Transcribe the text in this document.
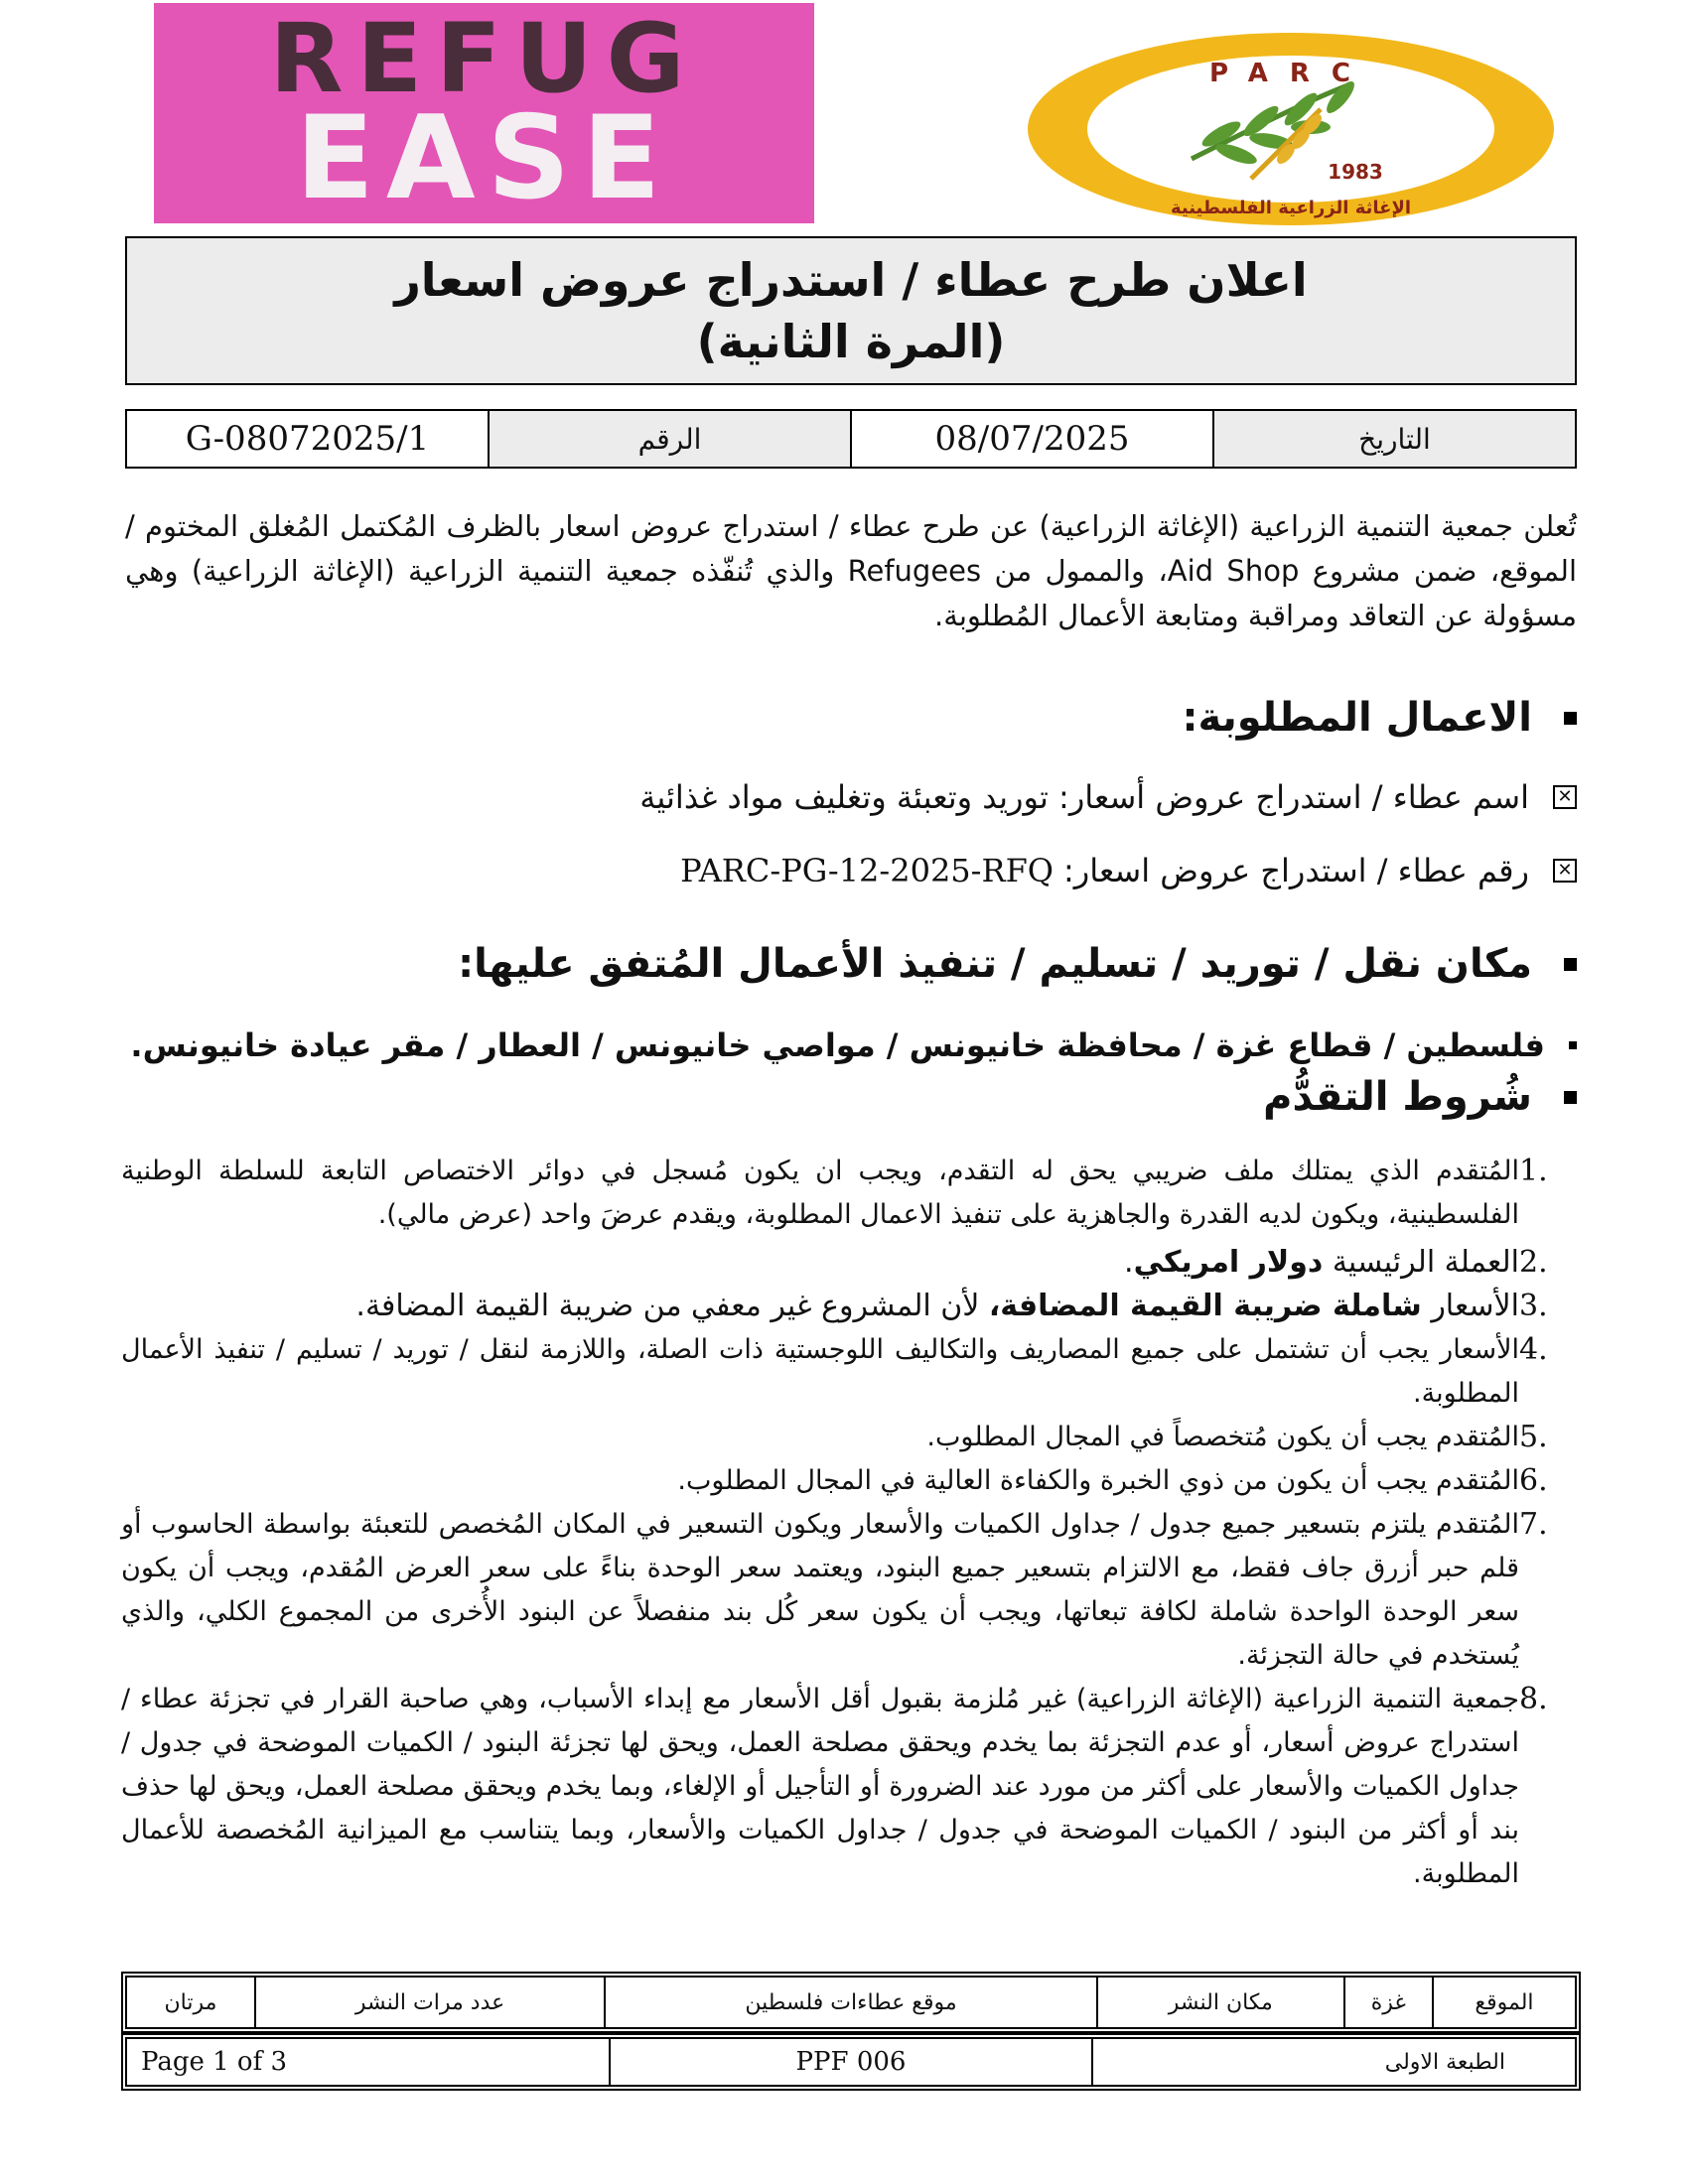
REFUG
EASE
PARC
1983
الإغاثة الزراعية الفلسطينية
اعلان طرح عطاء / استدراج عروض اسعار
(المرة الثانية)
التاريخ	08/07/2025	الرقم	G-08072025/1
تُعلن جمعية التنمية الزراعية (الإغاثة الزراعية) عن طرح عطاء / استدراج عروض اسعار بالظرف المُكتمل المُغلق المختوم / الموقع، ضمن مشروع Aid Shop، والممول من Refugees والذي تُنفّذه جمعية التنمية الزراعية (الإغاثة الزراعية) وهي مسؤولة عن التعاقد ومراقبة ومتابعة الأعمال المُطلوبة.
الاعمال المطلوبة:
✕
اسم عطاء / استدراج عروض أسعار: توريد وتعبئة وتغليف مواد غذائية
✕
رقم عطاء / استدراج عروض اسعار:
PARC-PG-12-2025-RFQ
مكان نقل / توريد / تسليم / تنفيذ الأعمال المُتفق عليها:
فلسطين / قطاع غزة / محافظة خانيونس / مواصي خانيونس / العطار / مقر عيادة خانيونس.
شُروط التقدُّم
.1
المُتقدم الذي يمتلك ملف ضريبي يحق له التقدم، ويجب ان يكون مُسجل في دوائر الاختصاص التابعة للسلطة الوطنية الفلسطينية، ويكون لديه القدرة والجاهزية على تنفيذ الاعمال المطلوبة، ويقدم عرضَ واحد (عرض مالي).
.2
العملة الرئيسية دولار امريكي.
.3
الأسعار شاملة ضريبة القيمة المضافة، لأن المشروع غير معفي من ضريبة القيمة المضافة.
.4
الأسعار يجب أن تشتمل على جميع المصاريف والتكاليف اللوجستية ذات الصلة، واللازمة لنقل / توريد / تسليم / تنفيذ الأعمال المطلوبة.
.5
المُتقدم يجب أن يكون مُتخصصاً في المجال المطلوب.
.6
المُتقدم يجب أن يكون من ذوي الخبرة والكفاءة العالية في المجال المطلوب.
.7
المُتقدم يلتزم بتسعير جميع جدول / جداول الكميات والأسعار ويكون التسعير في المكان المُخصص للتعبئة بواسطة الحاسوب أو قلم حبر أزرق جاف فقط، مع الالتزام بتسعير جميع البنود، ويعتمد سعر الوحدة بناءً على سعر العرض المُقدم، ويجب أن يكون سعر الوحدة الواحدة شاملة لكافة تبعاتها، ويجب أن يكون سعر كُل بند منفصلاً عن البنود الأُخرى من المجموع الكلي، والذي يُستخدم في حالة التجزئة.
.8
جمعية التنمية الزراعية (الإغاثة الزراعية) غير مُلزمة بقبول أقل الأسعار مع إبداء الأسباب، وهي صاحبة القرار في تجزئة عطاء / استدراج عروض أسعار، أو عدم التجزئة بما يخدم ويحقق مصلحة العمل، ويحق لها تجزئة البنود / الكميات الموضحة في جدول / جداول الكميات والأسعار على أكثر من مورد عند الضرورة أو التأجيل أو الإلغاء، وبما يخدم ويحقق مصلحة العمل، ويحق لها حذف بند أو أكثر من البنود / الكميات الموضحة في جدول / جداول الكميات والأسعار، وبما يتناسب مع الميزانية المُخصصة للأعمال المطلوبة.
الموقع	غزة	مكان النشر	موقع عطاءات فلسطين	عدد مرات النشر	مرتان
الطبعة الاولى	PPF 006	Page 1 of 3
